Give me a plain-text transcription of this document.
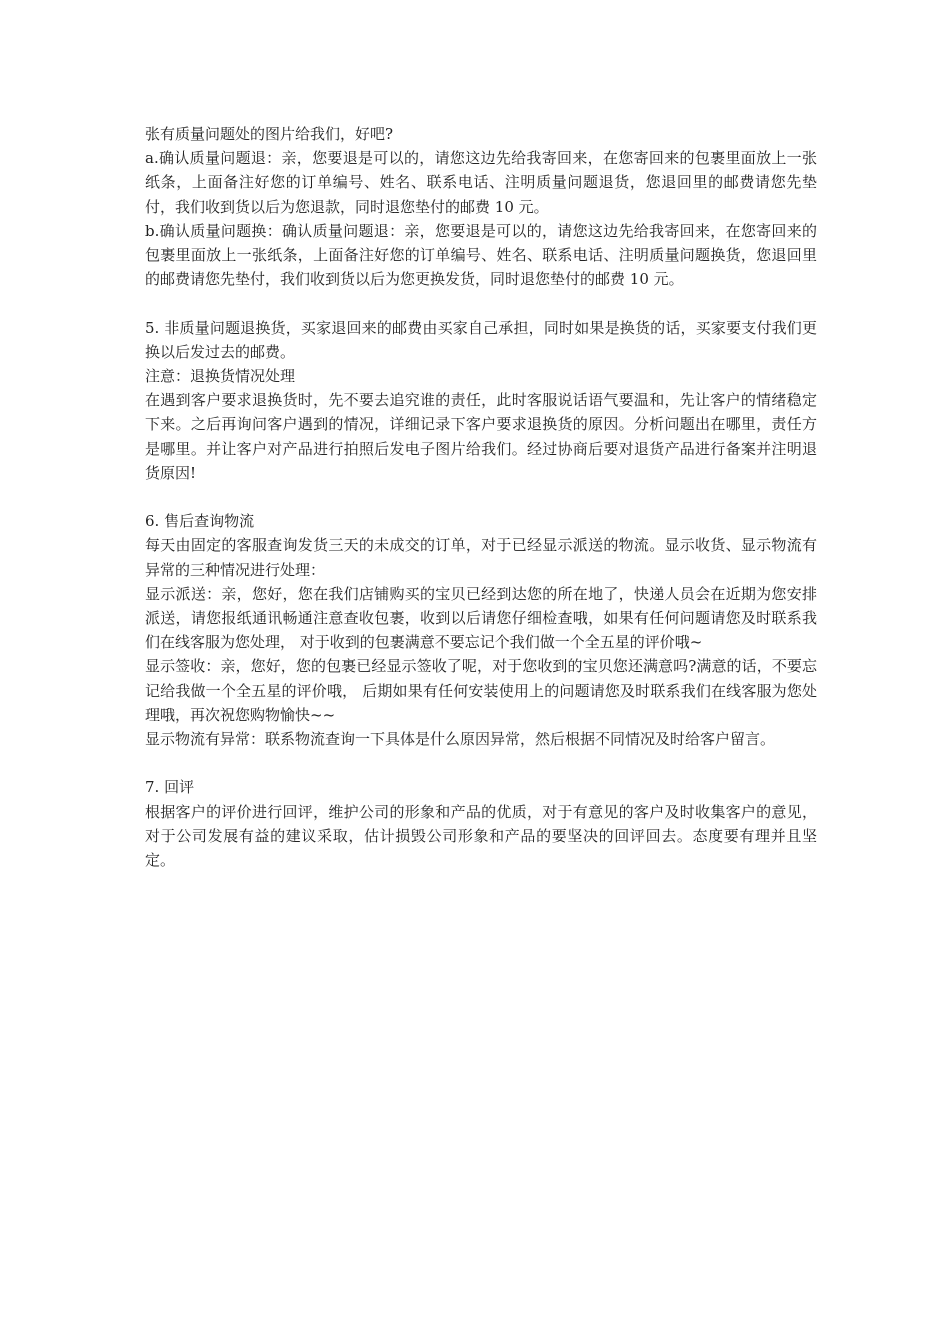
张有质量问题处的图片给我们，好吧?

a.确认质量问题退：亲，您要退是可以的，请您这边先给我寄回来，在您寄回来的包裹里面放上一张纸条，上面备注好您的订单编号、姓名、联系电话、注明质量问题退货，您退回里的邮费请您先垫付，我们收到货以后为您退款，同时退您垫付的邮费 10 元。

b.确认质量问题换：确认质量问题退：亲，您要退是可以的，请您这边先给我寄回来，在您寄回来的包裹里面放上一张纸条，上面备注好您的订单编号、姓名、联系电话、注明质量问题换货，您退回里的邮费请您先垫付，我们收到货以后为您更换发货，同时退您垫付的邮费 10 元。

5. 非质量问题退换货，买家退回来的邮费由买家自己承担，同时如果是换货的话，买家要支付我们更换以后发过去的邮费。

注意：退换货情况处理

在遇到客户要求退换货时，先不要去追究谁的责任，此时客服说话语气要温和，先让客户的情绪稳定下来。之后再询问客户遇到的情况，详细记录下客户要求退换货的原因。分析问题出在哪里，责任方是哪里。并让客户对产品进行拍照后发电子图片给我们。经过协商后要对退货产品进行备案并注明退货原因!

6. 售后查询物流

每天由固定的客服查询发货三天的未成交的订单，对于已经显示派送的物流。显示收货、显示物流有异常的三种情况进行处理：

显示派送：亲，您好，您在我们店铺购买的宝贝已经到达您的所在地了，快递人员会在近期为您安排派送，请您报纸通讯畅通注意查收包裹，收到以后请您仔细检查哦，如果有任何问题请您及时联系我们在线客服为您处理， 对于收到的包裹满意不要忘记个我们做一个全五星的评价哦~

显示签收：亲，您好，您的包裹已经显示签收了呢，对于您收到的宝贝您还满意吗?满意的话，不要忘记给我做一个全五星的评价哦， 后期如果有任何安装使用上的问题请您及时联系我们在线客服为您处理哦，再次祝您购物愉快~~

显示物流有异常：联系物流查询一下具体是什么原因异常，然后根据不同情况及时给客户留言。

7. 回评

根据客户的评价进行回评，维护公司的形象和产品的优质，对于有意见的客户及时收集客户的意见，对于公司发展有益的建议采取，估计损毁公司形象和产品的要坚决的回评回去。态度要有理并且坚定。
